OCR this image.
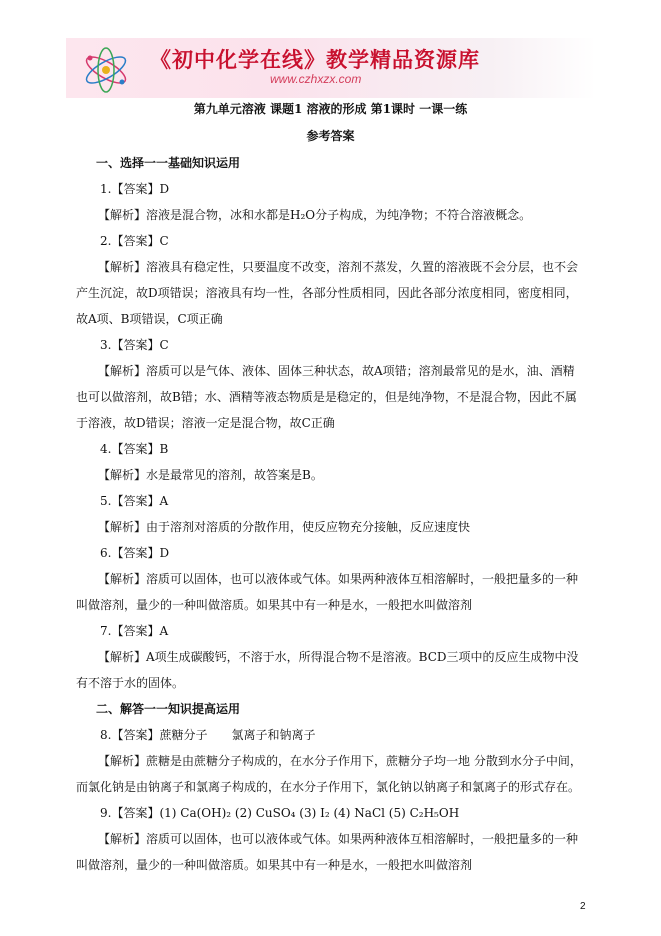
《初中化学在线》教学精品资源库
www.czhxzx.com
第九单元溶液 课题1 溶液的形成 第1课时 一课一练
参考答案

一、选择一一基础知识运用

1.【答案】D

【解析】溶液是混合物，冰和水都是H₂O分子构成，为纯净物；不符合溶液概念。

2.【答案】C

【解析】溶液具有稳定性，只要温度不改变，溶剂不蒸发，久置的溶液既不会分层，也不会产生沉淀，故D项错误；溶液具有均一性，各部分性质相同，因此各部分浓度相同，密度相同，故A项、B项错误，C项正确

3.【答案】C

【解析】溶质可以是气体、液体、固体三种状态，故A项错；溶剂最常见的是水，油、酒精也可以做溶剂，故B错；水、酒精等液态物质是是稳定的，但是纯净物，不是混合物，因此不属于溶液，故D错误；溶液一定是混合物，故C正确

4.【答案】B

【解析】水是最常见的溶剂，故答案是B。

5.【答案】A

【解析】由于溶剂对溶质的分散作用，使反应物充分接触，反应速度快

6.【答案】D

【解析】溶质可以固体，也可以液体或气体。如果两种液体互相溶解时，一般把量多的一种叫做溶剂，量少的一种叫做溶质。如果其中有一种是水，一般把水叫做溶剂

7.【答案】A

【解析】A项生成碳酸钙，不溶于水，所得混合物不是溶液。BCD三项中的反应生成物中没有不溶于水的固体。

二、解答一一知识提高运用

8.【答案】蔗糖分子　　氯离子和钠离子

【解析】蔗糖是由蔗糖分子构成的，在水分子作用下，蔗糖分子均一地 分散到水分子中间，而氯化钠是由钠离子和氯离子构成的，在水分子作用下，氯化钠以钠离子和氯离子的形式存在。

9.【答案】(1) Ca(OH)₂ (2) CuSO₄ (3) I₂ (4) NaCl (5) C₂H₅OH

【解析】溶质可以固体，也可以液体或气体。如果两种液体互相溶解时，一般把量多的一种叫做溶剂，量少的一种叫做溶质。如果其中有一种是水，一般把水叫做溶剂

2
